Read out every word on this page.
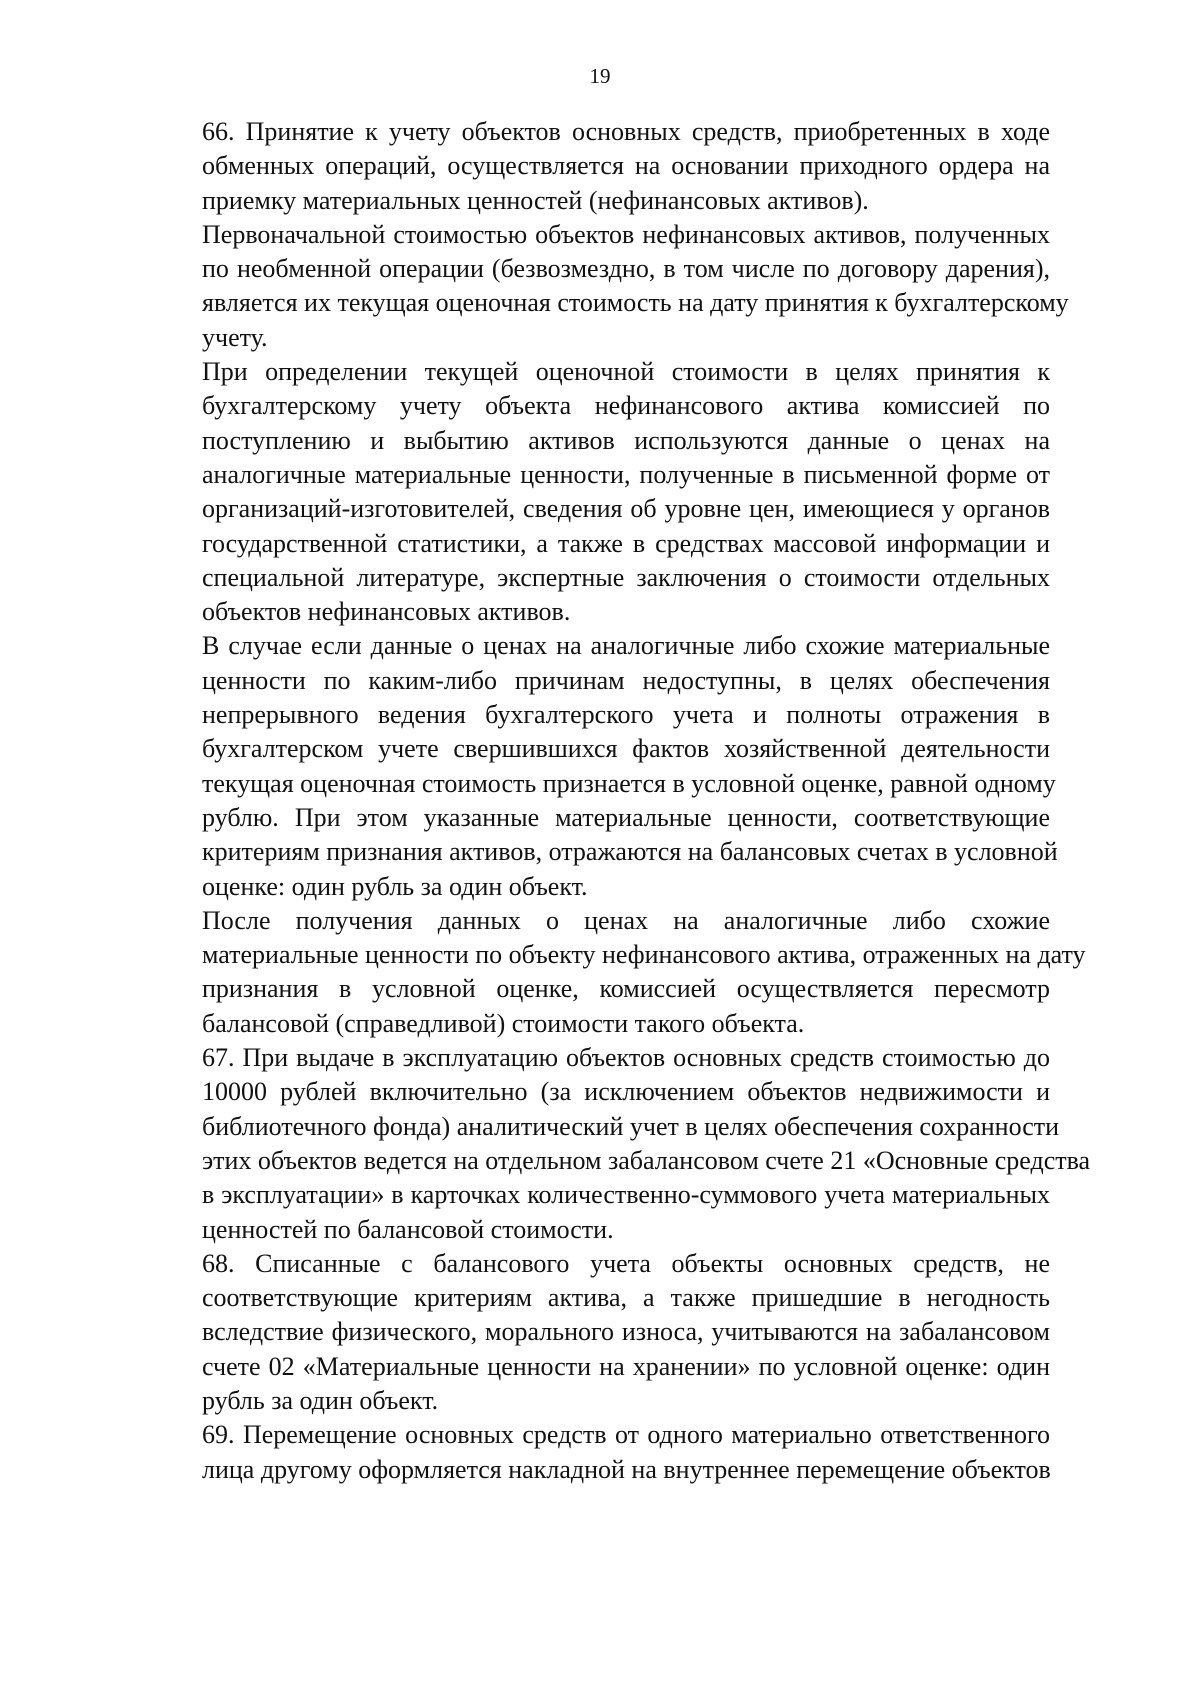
19

66. Принятие к учету объектов основных средств, приобретенных в ходе
обменных операций, осуществляется на основании приходного ордера на
приемку материальных ценностей (нефинансовых активов).

Первоначальной стоимостью объектов нефинансовых активов, полученных
по необменной операции (безвозмездно, в том числе по договору дарения),
является их текущая оценочная стоимость на дату принятия к бухгалтерскому
учету.

При определении текущей оценочной стоимости в целях принятия к
бухгалтерскому учету объекта нефинансового актива комиссией по
поступлению и выбытию активов используются данные о ценах на
аналогичные материальные ценности, полученные в письменной форме от
организаций-изготовителей, сведения об уровне цен, имеющиеся у органов
государственной статистики, а также в средствах массовой информации и
специальной литературе, экспертные заключения о стоимости отдельных
объектов нефинансовых активов.

В случае если данные о ценах на аналогичные либо схожие материальные
ценности по каким-либо причинам недоступны, в целях обеспечения
непрерывного ведения бухгалтерского учета и полноты отражения в
бухгалтерском учете свершившихся фактов хозяйственной деятельности
текущая оценочная стоимость признается в условной оценке, равной одному
рублю. При этом указанные материальные ценности, соответствующие
критериям признания активов, отражаются на балансовых счетах в условной
оценке: один рубль за один объект.

После получения данных о ценах на аналогичные либо схожие
материальные ценности по объекту нефинансового актива, отраженных на дату
признания в условной оценке, комиссией осуществляется пересмотр
балансовой (справедливой) стоимости такого объекта.

67. При выдаче в эксплуатацию объектов основных средств стоимостью до
10000 рублей включительно (за исключением объектов недвижимости и
библиотечного фонда) аналитический учет в целях обеспечения сохранности
этих объектов ведется на отдельном забалансовом счете 21 «Основные средства
в эксплуатации» в карточках количественно-суммового учета материальных
ценностей по балансовой стоимости.

68. Списанные с балансового учета объекты основных средств, не
соответствующие критериям актива, а также пришедшие в негодность
вследствие физического, морального износа, учитываются на забалансовом
счете 02 «Материальные ценности на хранении» по условной оценке: один
рубль за один объект.

69. Перемещение основных средств от одного материально ответственного
лица другому оформляется накладной на внутреннее перемещение объектов
